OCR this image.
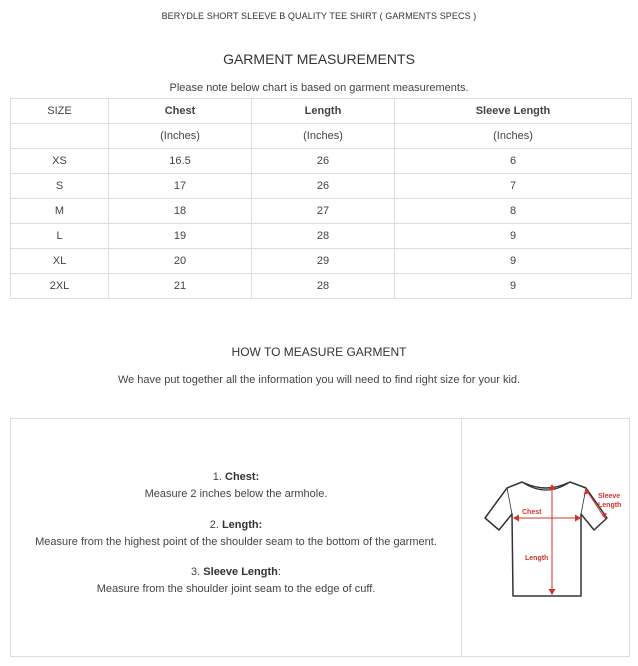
BERYDLE SHORT SLEEVE B QUALITY TEE SHIRT ( GARMENTS SPECS )
GARMENT MEASUREMENTS
Please note below chart is based on garment measurements.
SIZE	Chest	Length	Sleeve Length
	(Inches)	(Inches)	(Inches)
XS	16.5	26	6
S	17	26	7
M	18	27	8
L	19	28	9
XL	20	29	9
2XL	21	28	9
HOW TO MEASURE GARMENT
We have put together all the information you will need to find right size for your kid.
1. Chest:
Measure 2 inches below the armhole.
2. Length:
Measure from the highest point of the shoulder seam to the bottom of the garment.
3. Sleeve Length:
Measure from the shoulder joint seam to the edge of cuff.
Length
Chest
Sleeve
Length
